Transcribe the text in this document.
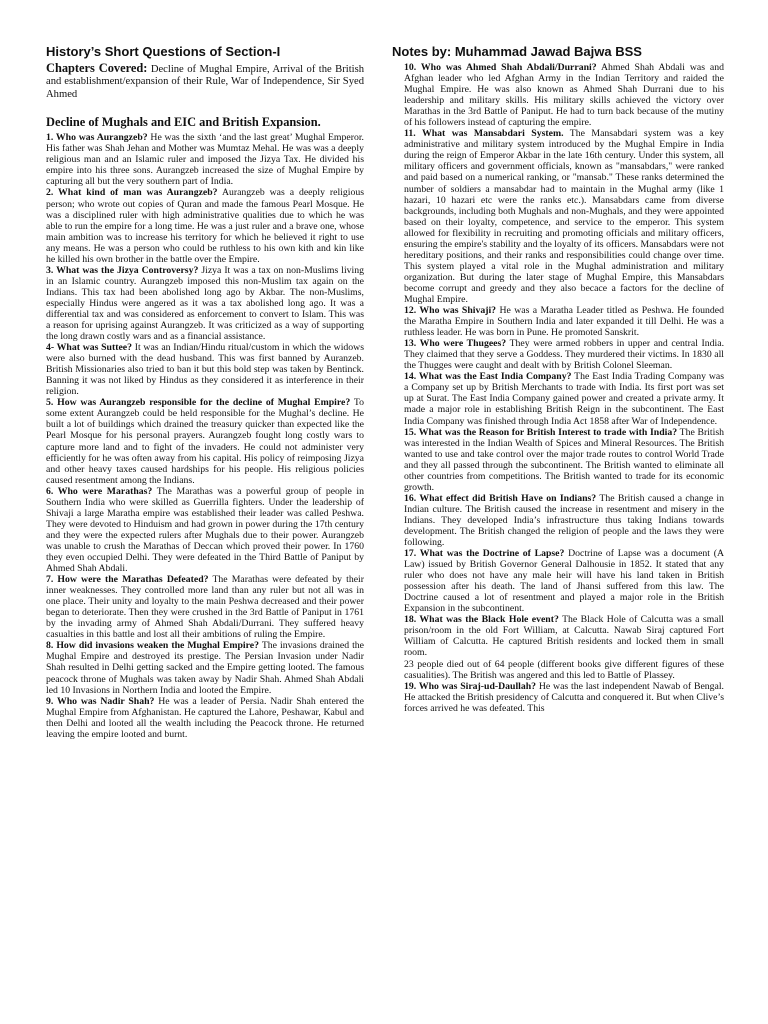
History’s Short Questions of Section-I
Chapters Covered: Decline of Mughal Empire, Arrival of the British and establishment/expansion of their Rule, War of Independence, Sir Syed Ahmed
Decline of Mughals and EIC and British Expansion.

1. Who was Aurangzeb? He was the sixth ‘and the last great’ Mughal Emperor. His father was Shah Jehan and Mother was Mumtaz Mehal. He was was a deeply religious man and an Islamic ruler and imposed the Jizya Tax. He divided his empire into his three sons. Aurangzeb increased the size of Mughal Empire by capturing all but the very southern part of India.

2. What kind of man was Aurangzeb? Aurangzeb was a deeply religious person; who wrote out copies of Quran and made the famous Pearl Mosque. He was a disciplined ruler with high administrative qualities due to which he was able to run the empire for a long time. He was a just ruler and a brave one, whose main ambition was to increase his territory for which he believed it right to use any means. He was a person who could be ruthless to his own kith and kin like he killed his own brother in the battle over the Empire.

3. What was the Jizya Controversy? Jizya It was a tax on non-Muslims living in an Islamic country. Aurangzeb imposed this non-Muslim tax again on the Indians. This tax had been abolished long ago by Akbar. The non-Muslims, especially Hindus were angered as it was a tax abolished long ago. It was a differential tax and was considered as enforcement to convert to Islam. This was a reason for uprising against Aurangzeb. It was criticized as a way of supporting the long drawn costly wars and as a financial assistance.

4- What was Suttee? It was an Indian/Hindu ritual/custom in which the widows were also burned with the dead husband. This was first banned by Auranzeb. British Missionaries also tried to ban it but this bold step was taken by Bentinck. Banning it was not liked by Hindus as they considered it as interference in their religion.

5. How was Aurangzeb responsible for the decline of Mughal Empire? To some extent Aurangzeb could be held responsible for the Mughal’s decline. He built a lot of buildings which drained the treasury quicker than expected like the Pearl Mosque for his personal prayers. Aurangzeb fought long costly wars to capture more land and to fight of the invaders. He could not administer very efficiently for he was often away from his capital. His policy of reimposing Jizya and other heavy taxes caused hardships for his people. His religious policies caused resentment among the Indians.

6. Who were Marathas? The Marathas was a powerful group of people in Southern India who were skilled as Guerrilla fighters. Under the leadership of Shivaji a large Maratha empire was established their leader was called Peshwa. They were devoted to Hinduism and had grown in power during the 17th century and they were the expected rulers after Mughals due to their power. Aurangzeb was unable to crush the Marathas of Deccan which proved their power. In 1760 they even occupied Delhi. They were defeated in the Third Battle of Paniput by Ahmed Shah Abdali.

7. How were the Marathas Defeated? The Marathas were defeated by their inner weaknesses. They controlled more land than any ruler but not all was in one place. Their unity and loyalty to the main Peshwa decreased and their power began to deteriorate. Then they were crushed in the 3rd Battle of Paniput in 1761 by the invading army of Ahmed Shah Abdali/Durrani. They suffered heavy casualties in this battle and lost all their ambitions of ruling the Empire.

8. How did invasions weaken the Mughal Empire? The invasions drained the Mughal Empire and destroyed its prestige. The Persian Invasion under Nadir Shah resulted in Delhi getting sacked and the Empire getting looted. The famous peacock throne of Mughals was taken away by Nadir Shah. Ahmed Shah Abdali led 10 Invasions in Northern India and looted the Empire.

9. Who was Nadir Shah? He was a leader of Persia. Nadir Shah entered the Mughal Empire from Afghanistan. He captured the Lahore, Peshawar, Kabul and then Delhi and looted all the wealth including the Peacock throne. He returned leaving the empire looted and burnt.

Notes by: Muhammad Jawad Bajwa BSS

10. Who was Ahmed Shah Abdali/Durrani? Ahmed Shah Abdali was and Afghan leader who led Afghan Army in the Indian Territory and raided the Mughal Empire. He was also known as Ahmed Shah Durrani due to his leadership and military skills. His military skills achieved the victory over Marathas in the 3rd Battle of Paniput. He had to turn back because of the mutiny of his followers instead of capturing the empire.

11. What was Mansabdari System. The Mansabdari system was a key administrative and military system introduced by the Mughal Empire in India during the reign of Emperor Akbar in the late 16th century. Under this system, all military officers and government officials, known as "mansabdars," were ranked and paid based on a numerical ranking, or "mansab." These ranks determined the number of soldiers a mansabdar had to maintain in the Mughal army (like 1 hazari, 10 hazari etc were the ranks etc.). Mansabdars came from diverse backgrounds, including both Mughals and non-Mughals, and they were appointed based on their loyalty, competence, and service to the emperor. This system allowed for flexibility in recruiting and promoting officials and military officers, ensuring the empire's stability and the loyalty of its officers. Mansabdars were not hereditary positions, and their ranks and responsibilities could change over time. This system played a vital role in the Mughal administration and military organization. But during the later stage of Mughal Empire, this Mansabdars become corrupt and greedy and they also becace a factors for the decline of Mughal Empire.

12. Who was Shivaji? He was a Maratha Leader titled as Peshwa. He founded the Maratha Empire in Southern India and later expanded it till Delhi. He was a ruthless leader. He was born in Pune. He promoted Sanskrit.

13. Who were Thugees? They were armed robbers in upper and central India. They claimed that they serve a Goddess. They murdered their victims. In 1830 all the Thugges were caught and dealt with by British Colonel Sleeman.

14. What was the East India Company? The East India Trading Company was a Company set up by British Merchants to trade with India. Its first port was set up at Surat. The East India Company gained power and created a private army. It made a major role in establishing British Reign in the subcontinent. The East India Company was finished through India Act 1858 after War of Independence.

15. What was the Reason for British Interest to trade with India? The British was interested in the Indian Wealth of Spices and Mineral Resources. The British wanted to use and take control over the major trade routes to control World Trade and they all passed through the subcontinent. The British wanted to eliminate all other countries from competitions. The British wanted to trade for its economic growth.

16. What effect did British Have on Indians? The British caused a change in Indian culture. The British caused the increase in resentment and misery in the Indians. They developed India’s infrastructure thus taking Indians towards development. The British changed the religion of people and the laws they were following.

17. What was the Doctrine of Lapse? Doctrine of Lapse was a document (A Law) issued by British Governor General Dalhousie in 1852. It stated that any ruler who does not have any male heir will have his land taken in British possession after his death. The land of Jhansi suffered from this law. The Doctrine caused a lot of resentment and played a major role in the British Expansion in the subcontinent.

18. What was the Black Hole event? The Black Hole of Calcutta was a small prison/room in the old Fort William, at Calcutta. Nawab Siraj captured Fort William of Calcutta. He captured British residents and locked them in small room.

23 people died out of 64 people (different books give different figures of these casualities). The British was angered and this led to Battle of Plassey.

19. Who was Siraj-ud-Daullah? He was the last independent Nawab of Bengal. He attacked the British presidency of Calcutta and conquered it. But when Clive’s forces arrived he was defeated. This
